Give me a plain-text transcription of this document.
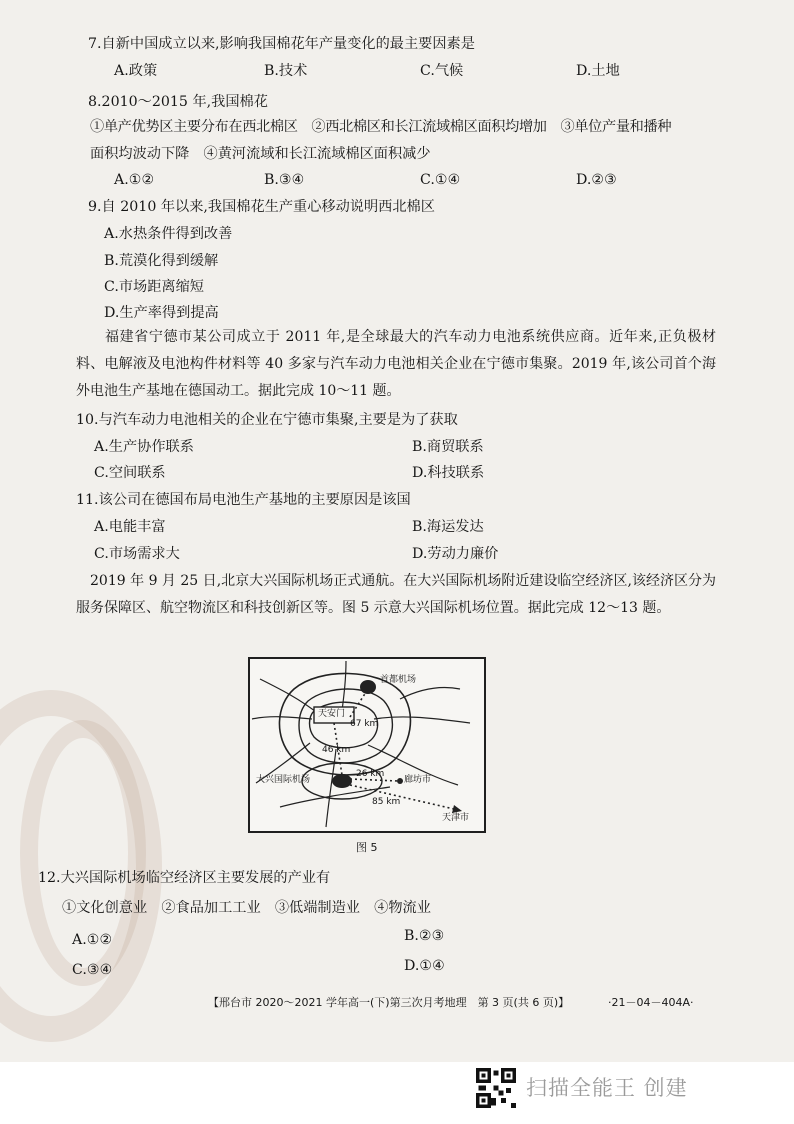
7.自新中国成立以来,影响我国棉花年产量变化的最主要因素是
A.政策	B.技术	C.气候	D.土地
8.2010～2015 年,我国棉花
①单产优势区主要分布在西北棉区　②西北棉区和长江流域棉区面积均增加　③单位产量和播种
面积均波动下降　④黄河流域和长江流域棉区面积减少
A.①②	B.③④	C.①④	D.②③
9.自 2010 年以来,我国棉花生产重心移动说明西北棉区
A.水热条件得到改善
B.荒漠化得到缓解
C.市场距离缩短
D.生产率得到提高
福建省宁德市某公司成立于 2011 年,是全球最大的汽车动力电池系统供应商。近年来,正负极材料、电解液及电池构件材料等 40 多家与汽车动力电池相关企业在宁德市集聚。2019 年,该公司首个海外电池生产基地在德国动工。据此完成 10～11 题。
10.与汽车动力电池相关的企业在宁德市集聚,主要是为了获取
A.生产协作联系	B.商贸联系
C.空间联系	D.科技联系
11.该公司在德国布局电池生产基地的主要原因是该国
A.电能丰富	B.海运发达
C.市场需求大	D.劳动力廉价
2019 年 9 月 25 日,北京大兴国际机场正式通航。在大兴国际机场附近建设临空经济区,该经济区分为服务保障区、航空物流区和科技创新区等。图 5 示意大兴国际机场位置。据此完成 12～13 题。
首都机场
天安门
67 km
46 km
大兴国际机场
26 km
廊坊市
85 km
天津市
图 5
12.大兴国际机场临空经济区主要发展的产业有
①文化创意业　②食品加工工业　③低端制造业　④物流业
A.①②	B.②③
C.③④	D.①④
【邢台市 2020～2021 学年高一(下)第三次月考地理　第 3 页(共 6 页)】	·21－04－404A·
扫描全能王 创建
